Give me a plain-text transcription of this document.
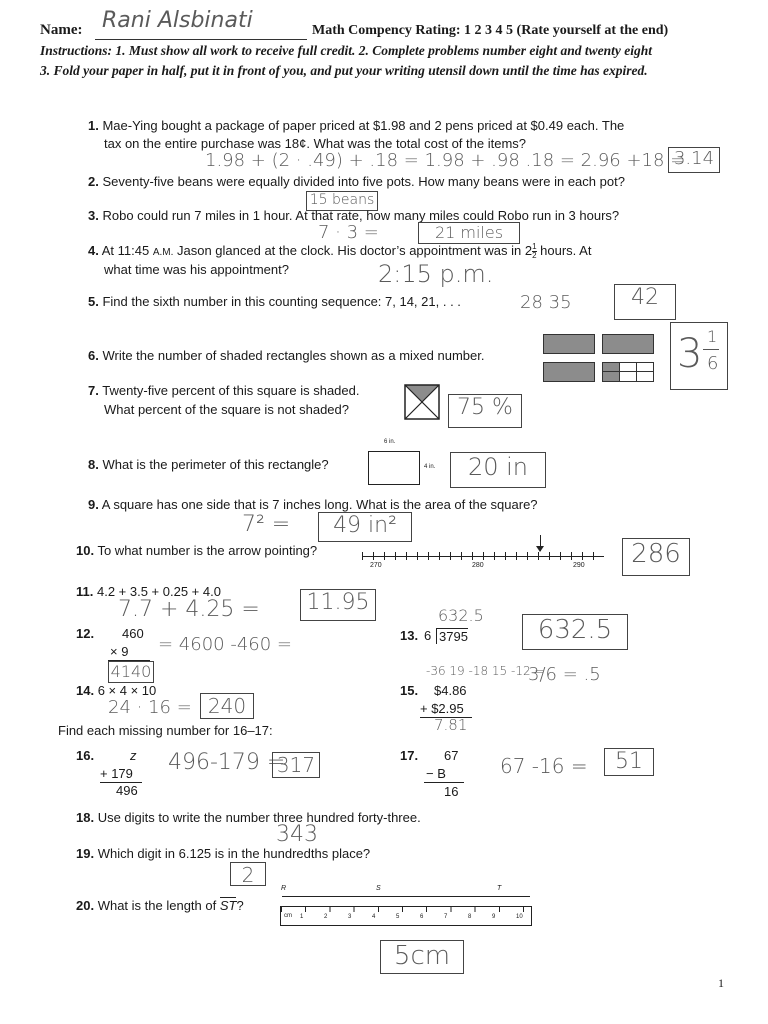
Name: Rani Alsbinati	Math Compency Rating: 1 2 3 4 5 (Rate yourself at the end)
Instructions: 1. Must show all work to receive full credit. 2. Complete problems number eight and twenty eight
3. Fold your paper in half, put it in front of you, and put your writing utensil down until the time has expired.
1. Mae-Ying bought a package of paper priced at $1.98 and 2 pens priced at $0.49 each. The
tax on the entire purchase was 18¢. What was the total cost of the items?
1.98 + (2 · .49) + .18 = 1.98 + .98 .18 = 2.96 +18 =
3.14
2. Seventy-five beans were equally divided into five pots. How many beans were in each pot?
15 beans
3. Robo could run 7 miles in 1 hour. At that rate, how many miles could Robo run in 3 hours?
7 · 3 =	21 miles
4. At 11:45 A.M. Jason glanced at the clock. His doctor’s appointment was in $2 \frac{1}{2}$ hours. At
what time was his appointment?	2:15 p.m.
5. Find the sixth number in this counting sequence: 7, 14, 21, . . .	28 35	42
6. Write the number of shaded rectangles shown as a mixed number.	3 1
6
7. Twenty-five percent of this square is shaded.
What percent of the square is not shaded?	75 %
8. What is the perimeter of this rectangle?
6 in.
4 in.	20 in
9. A square has one side that is 7 inches long. What is the area of the square?
7² =	49 in²
10. To what number is the arrow pointing?
270	280	290	286
11. 4.2 + 3.5 + 0.25 + 4.0
7.7 + 4.25 = 11.95
12. 460
× 9 = 4600 -460 =
4140
13.
632.5
6 3795
-36 19 -18 15 -12 =
3/6 = .5
632.5
14. 6 × 4 × 10
24 · 16 = 240
15. $4.86
+ $2.95
7.81
Find each missing number for 16–17:
16.	z
+ 179
496
496-179 =
317	17. 67
− B
16
67 -16 =	51
18. Use digits to write the number three hundred forty-three.
343
19. Which digit in 6.125 is in the hundredths place?
2
20. What is the length of ST?
R	S	T
cm 1	2	3	4	5	6	7	8	9	10
5cm
1
